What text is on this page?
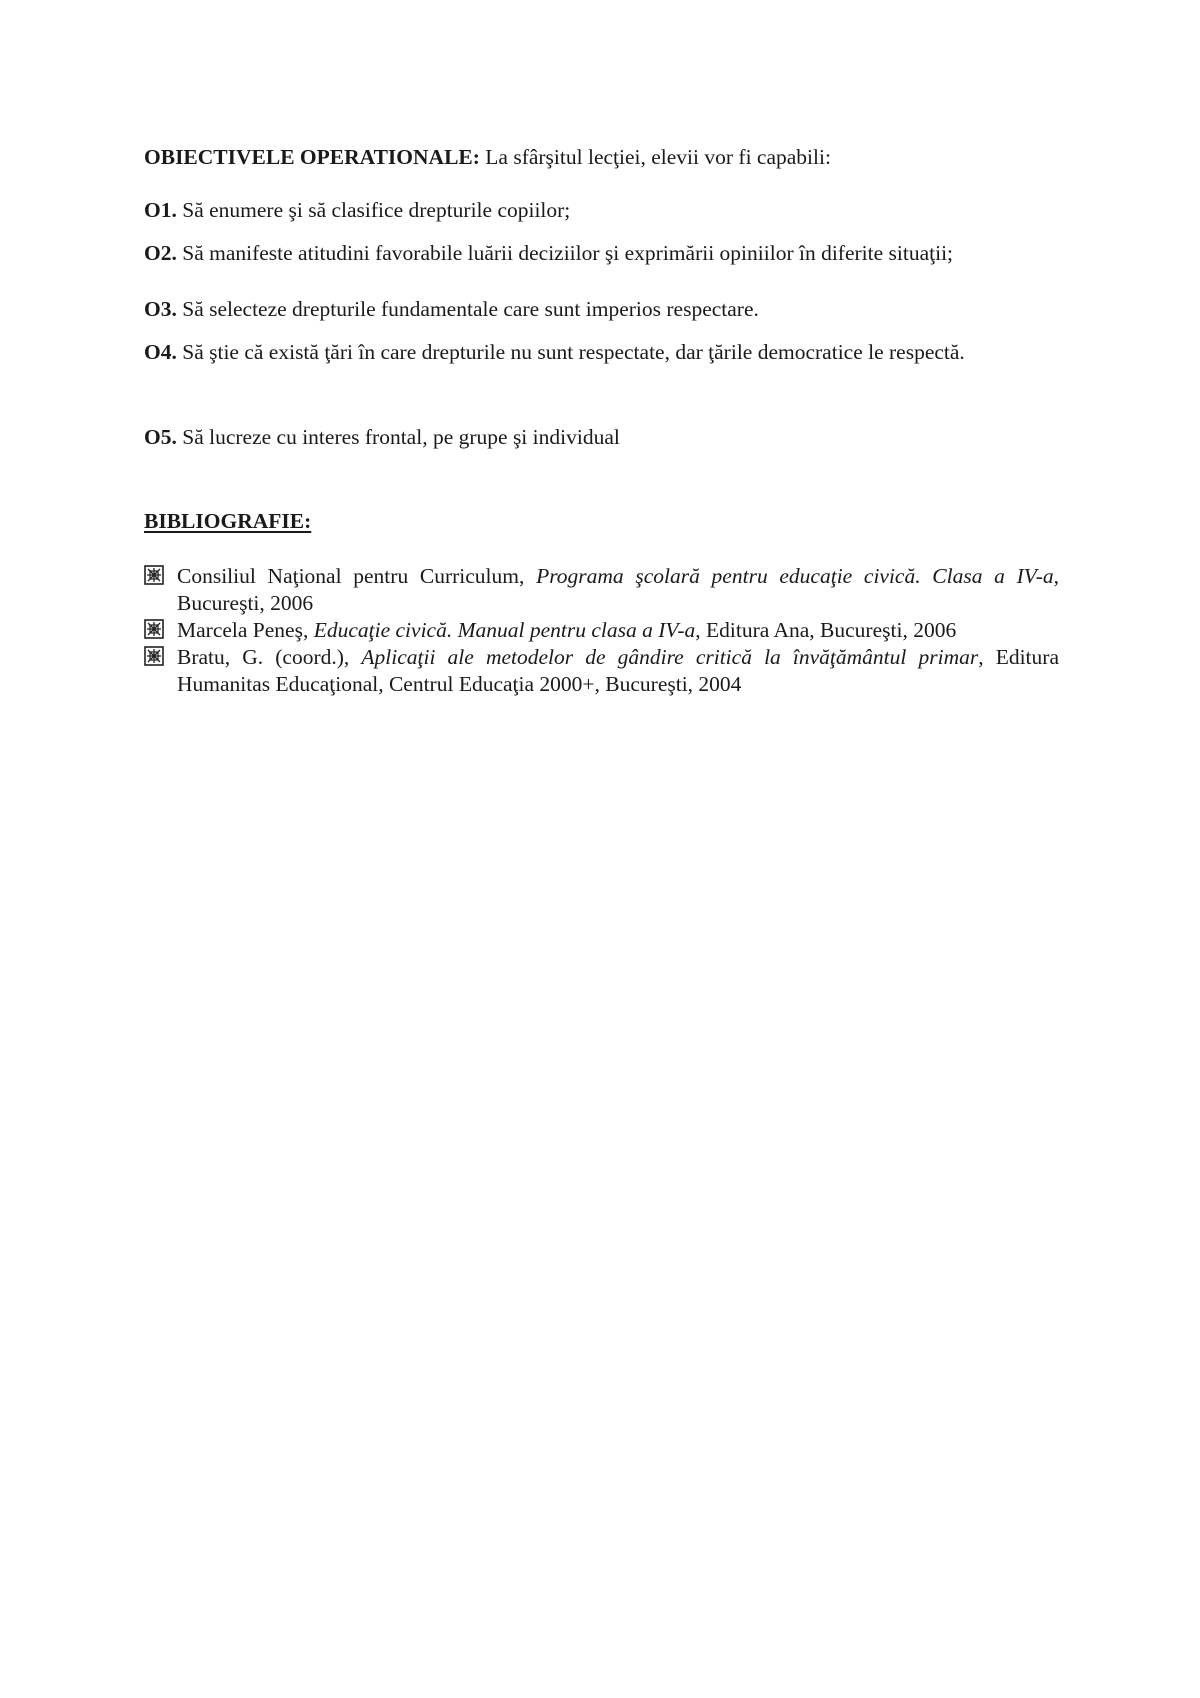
OBIECTIVELE OPERATIONALE: La sfârşitul lecţiei, elevii vor fi capabili:

O1. Să enumere şi să clasifice drepturile copiilor;

O2. Să manifeste atitudini favorabile luării deciziilor şi exprimării opiniilor în diferite situaţii;

O3. Să selecteze drepturile fundamentale care sunt imperios respectare.

O4. Să ştie că există ţări în care drepturile nu sunt respectate, dar ţările democratice le respectă.

O5. Să lucreze cu interes frontal, pe grupe şi individual

BIBLIOGRAFIE:

Consiliul Naţional pentru Curriculum, Programa şcolară pentru educaţie civică. Clasa a IV-a, Bucureşti, 2006
Marcela Peneş, Educaţie civică. Manual pentru clasa a IV-a, Editura Ana, Bucureşti, 2006
Bratu, G. (coord.), Aplicaţii ale metodelor de gândire critică la învăţământul primar, Editura Humanitas Educaţional, Centrul Educaţia 2000+, Bucureşti, 2004
